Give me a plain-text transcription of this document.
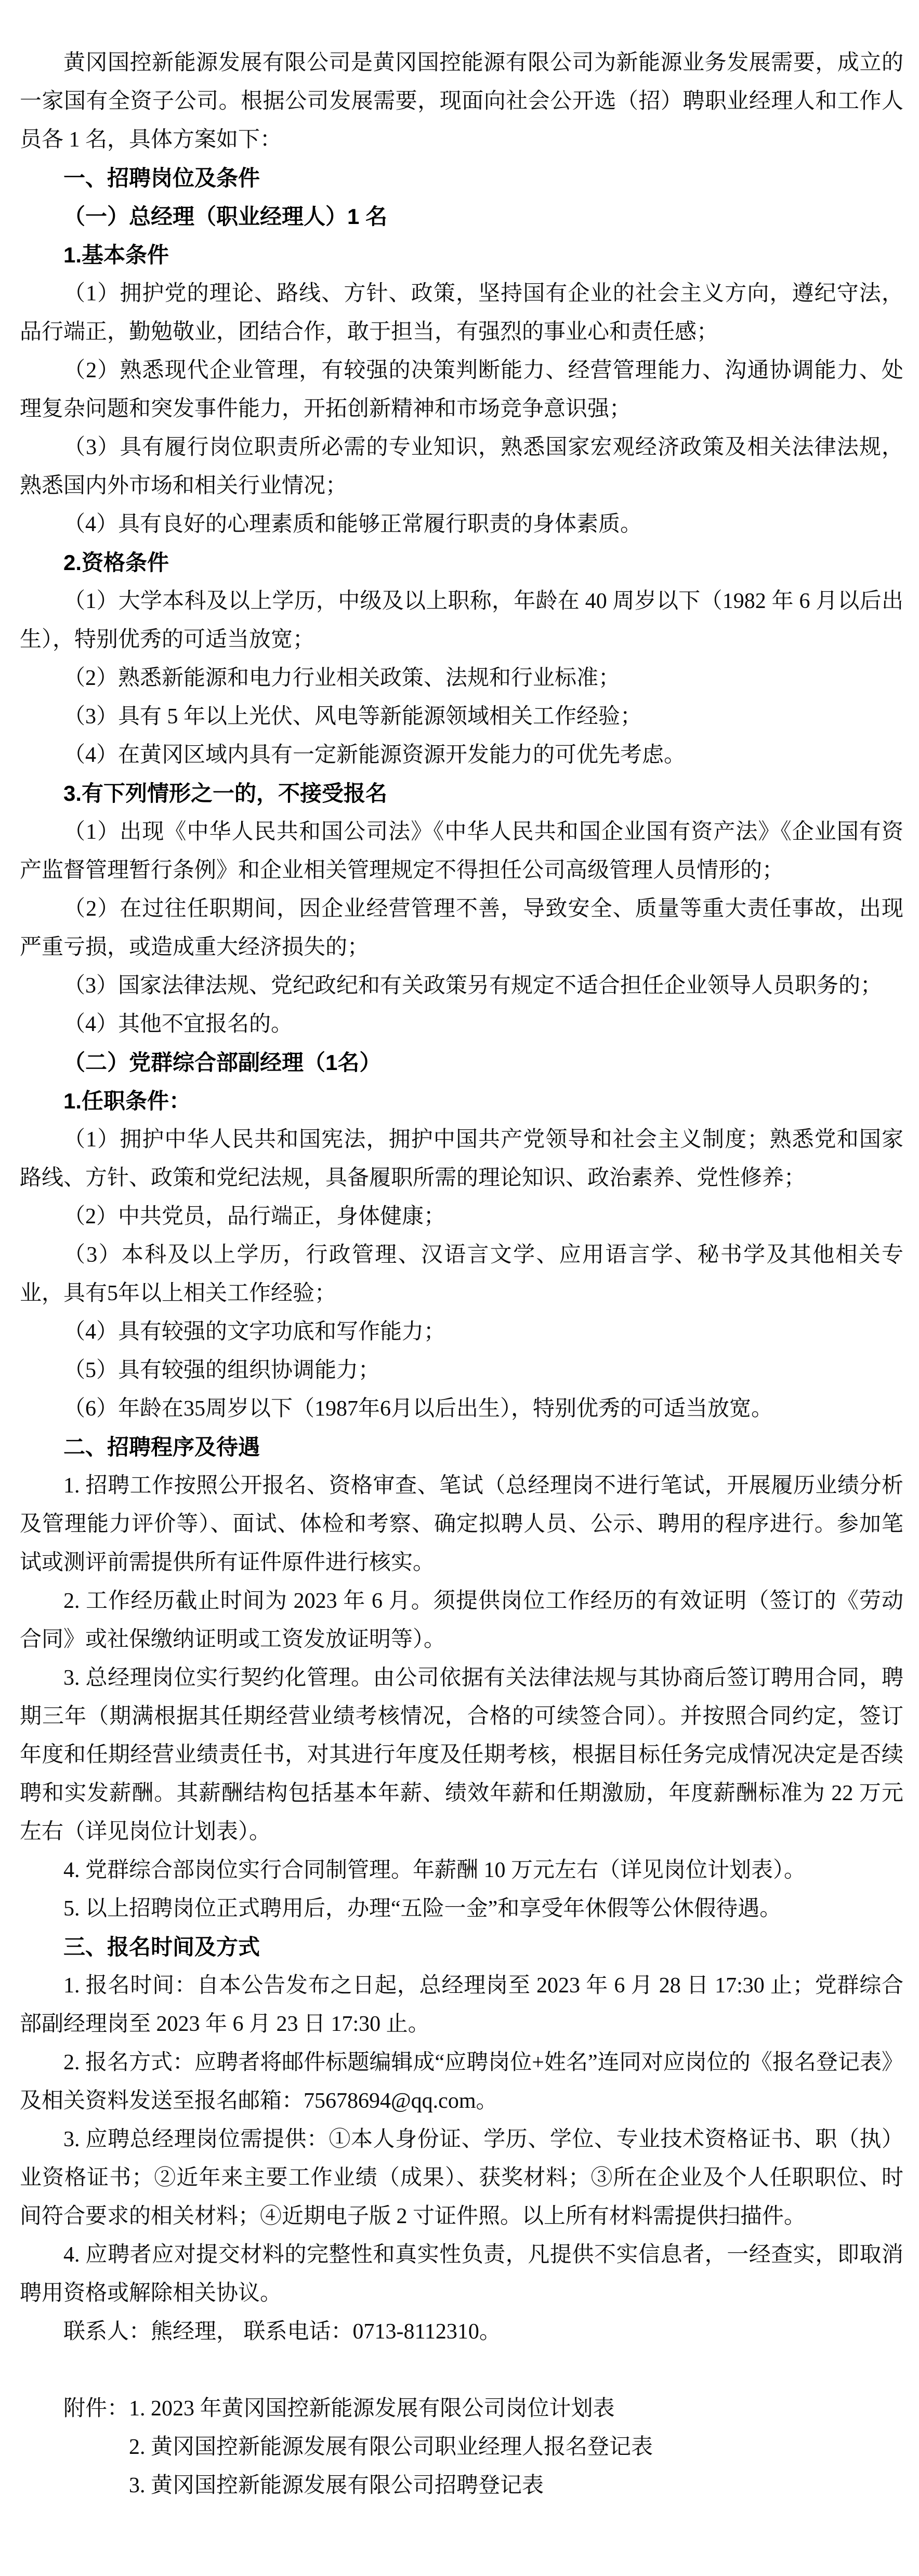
黄冈国控新能源发展有限公司是黄冈国控能源有限公司为新能源业务发展需要，成立的一家国有全资子公司。根据公司发展需要，现面向社会公开选（招）聘职业经理人和工作人员各 1 名，具体方案如下：

一、招聘岗位及条件

（一）总经理（职业经理人）1 名

1.基本条件

（1）拥护党的理论、路线、方针、政策，坚持国有企业的社会主义方向，遵纪守法，品行端正，勤勉敬业，团结合作，敢于担当，有强烈的事业心和责任感；

（2）熟悉现代企业管理，有较强的决策判断能力、经营管理能力、沟通协调能力、处理复杂问题和突发事件能力，开拓创新精神和市场竞争意识强；

（3）具有履行岗位职责所必需的专业知识，熟悉国家宏观经济政策及相关法律法规，熟悉国内外市场和相关行业情况；

（4）具有良好的心理素质和能够正常履行职责的身体素质。

2.资格条件

（1）大学本科及以上学历，中级及以上职称，年龄在 40 周岁以下（1982 年 6 月以后出生），特别优秀的可适当放宽；

（2）熟悉新能源和电力行业相关政策、法规和行业标准；

（3）具有 5 年以上光伏、风电等新能源领域相关工作经验；

（4）在黄冈区域内具有一定新能源资源开发能力的可优先考虑。

3.有下列情形之一的，不接受报名

（1）出现《中华人民共和国公司法》《中华人民共和国企业国有资产法》《企业国有资产监督管理暂行条例》和企业相关管理规定不得担任公司高级管理人员情形的；

（2）在过往任职期间，因企业经营管理不善，导致安全、质量等重大责任事故，出现严重亏损，或造成重大经济损失的；

（3）国家法律法规、党纪政纪和有关政策另有规定不适合担任企业领导人员职务的；

（4）其他不宜报名的。

（二）党群综合部副经理（1名）

1.任职条件：

（1）拥护中华人民共和国宪法，拥护中国共产党领导和社会主义制度；熟悉党和国家路线、方针、政策和党纪法规，具备履职所需的理论知识、政治素养、党性修养；

（2）中共党员，品行端正，身体健康；

（3）本科及以上学历，行政管理、汉语言文学、应用语言学、秘书学及其他相关专业，具有5年以上相关工作经验；

（4）具有较强的文字功底和写作能力；

（5）具有较强的组织协调能力；

（6）年龄在35周岁以下（1987年6月以后出生），特别优秀的可适当放宽。

二、招聘程序及待遇

1. 招聘工作按照公开报名、资格审查、笔试（总经理岗不进行笔试，开展履历业绩分析及管理能力评价等）、面试、体检和考察、确定拟聘人员、公示、聘用的程序进行。参加笔试或测评前需提供所有证件原件进行核实。

2. 工作经历截止时间为 2023 年 6 月。须提供岗位工作经历的有效证明（签订的《劳动合同》或社保缴纳证明或工资发放证明等）。

3. 总经理岗位实行契约化管理。由公司依据有关法律法规与其协商后签订聘用合同，聘期三年（期满根据其任期经营业绩考核情况，合格的可续签合同）。并按照合同约定，签订年度和任期经营业绩责任书，对其进行年度及任期考核，根据目标任务完成情况决定是否续聘和实发薪酬。其薪酬结构包括基本年薪、绩效年薪和任期激励，年度薪酬标准为 22 万元左右（详见岗位计划表）。

4. 党群综合部岗位实行合同制管理。年薪酬 10 万元左右（详见岗位计划表）。

5. 以上招聘岗位正式聘用后，办理“五险一金”和享受年休假等公休假待遇。

三、报名时间及方式

1. 报名时间：自本公告发布之日起，总经理岗至 2023 年 6 月 28 日 17:30 止；党群综合部副经理岗至 2023 年 6 月 23 日 17:30 止。

2. 报名方式：应聘者将邮件标题编辑成“应聘岗位+姓名”连同对应岗位的《报名登记表》及相关资料发送至报名邮箱：75678694@qq.com。

3. 应聘总经理岗位需提供：①本人身份证、学历、学位、专业技术资格证书、职（执）业资格证书；②近年来主要工作业绩（成果）、获奖材料；③所在企业及个人任职职位、时间符合要求的相关材料；④近期电子版 2 寸证件照。以上所有材料需提供扫描件。

4. 应聘者应对提交材料的完整性和真实性负责，凡提供不实信息者，一经查实，即取消聘用资格或解除相关协议。

联系人：熊经理， 联系电话：0713-8112310。

附件：1. 2023 年黄冈国控新能源发展有限公司岗位计划表

2. 黄冈国控新能源发展有限公司职业经理人报名登记表

3. 黄冈国控新能源发展有限公司招聘登记表
